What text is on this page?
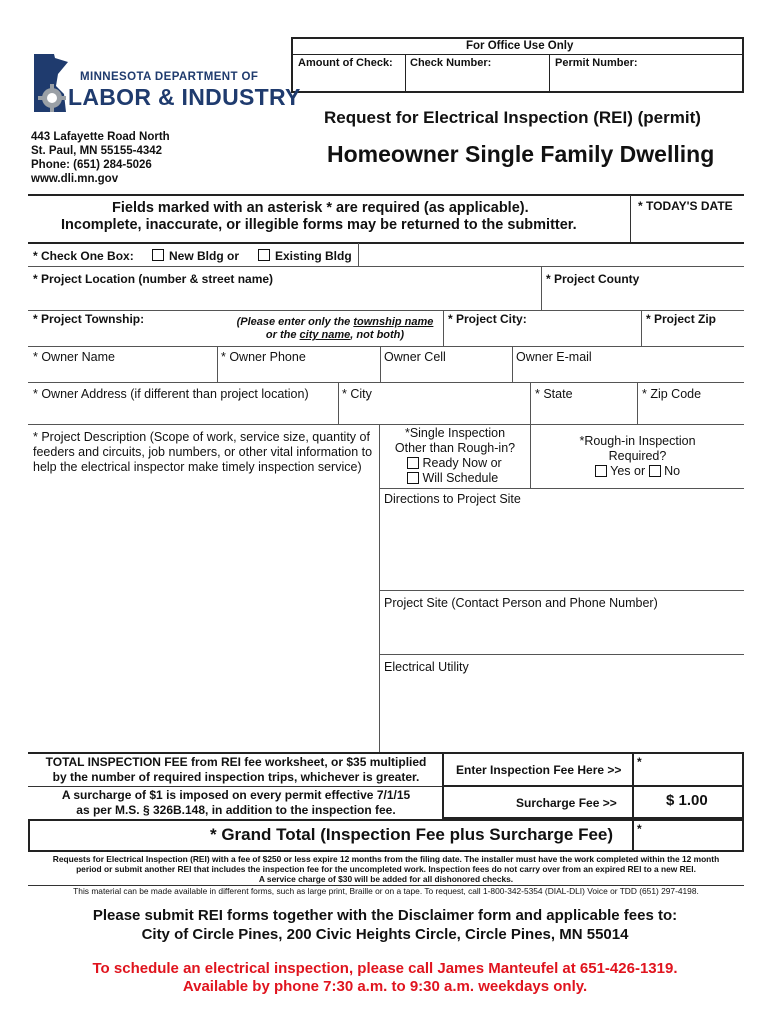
For Office Use Only
Amount of Check: Check Number:	Permit Number:
MINNESOTA DEPARTMENT OF
LABOR & INDUSTRY
443 Lafayette Road North
St. Paul, MN 55155-4342
Phone: (651) 284-5026
www.dli.mn.gov
Request for Electrical Inspection (REI) (permit)
Homeowner Single Family Dwelling
Fields marked with an asterisk * are required (as applicable).
Incomplete, inaccurate, or illegible forms may be returned to the submitter.
* TODAY'S DATE
* Check One Box:	New Bldg or	Existing Bldg
* Project Location (number & street name)	* Project County
* Project Township:	(Please enter only the township name
or the city name, not both)
* Project City:	* Project Zip
* Owner Name	* Owner Phone	Owner Cell	Owner E-mail
* Owner Address (if different than project location)	* City	* State	* Zip Code
* Project Description (Scope of work, service size, quantity of feeders and circuits, job numbers, or other vital information to help the electrical inspector make timely inspection service)
*Single Inspection
Other than Rough-in?
Ready Now or
Will Schedule
*Rough-in Inspection
Required?
Yes or No
Directions to Project Site
Project Site (Contact Person and Phone Number)
Electrical Utility
TOTAL INSPECTION FEE from REI fee worksheet, or $35 multiplied
by the number of required inspection trips, whichever is greater.
A surcharge of $1 is imposed on every permit effective 7/1/15
as per M.S. § 326B.148, in addition to the inspection fee.
Enter Inspection Fee Here >>
*
Surcharge Fee >>	$ 1.00
* Grand Total (Inspection Fee plus Surcharge Fee) *
Requests for Electrical Inspection (REI) with a fee of $250 or less expire 12 months from the filing date. The installer must have the work completed within the 12 month
period or submit another REI that includes the inspection fee for the uncompleted work. Inspection fees do not carry over from an expired REI to a new REI.
A service charge of $30 will be added for all dishonored checks.
This material can be made available in different forms, such as large print, Braille or on a tape. To request, call 1-800-342-5354 (DIAL-DLI) Voice or TDD (651) 297-4198.
Please submit REI forms together with the Disclaimer form and applicable fees to:
City of Circle Pines, 200 Civic Heights Circle, Circle Pines, MN 55014
To schedule an electrical inspection, please call James Manteufel at 651-426-1319.
Available by phone 7:30 a.m. to 9:30 a.m. weekdays only.
